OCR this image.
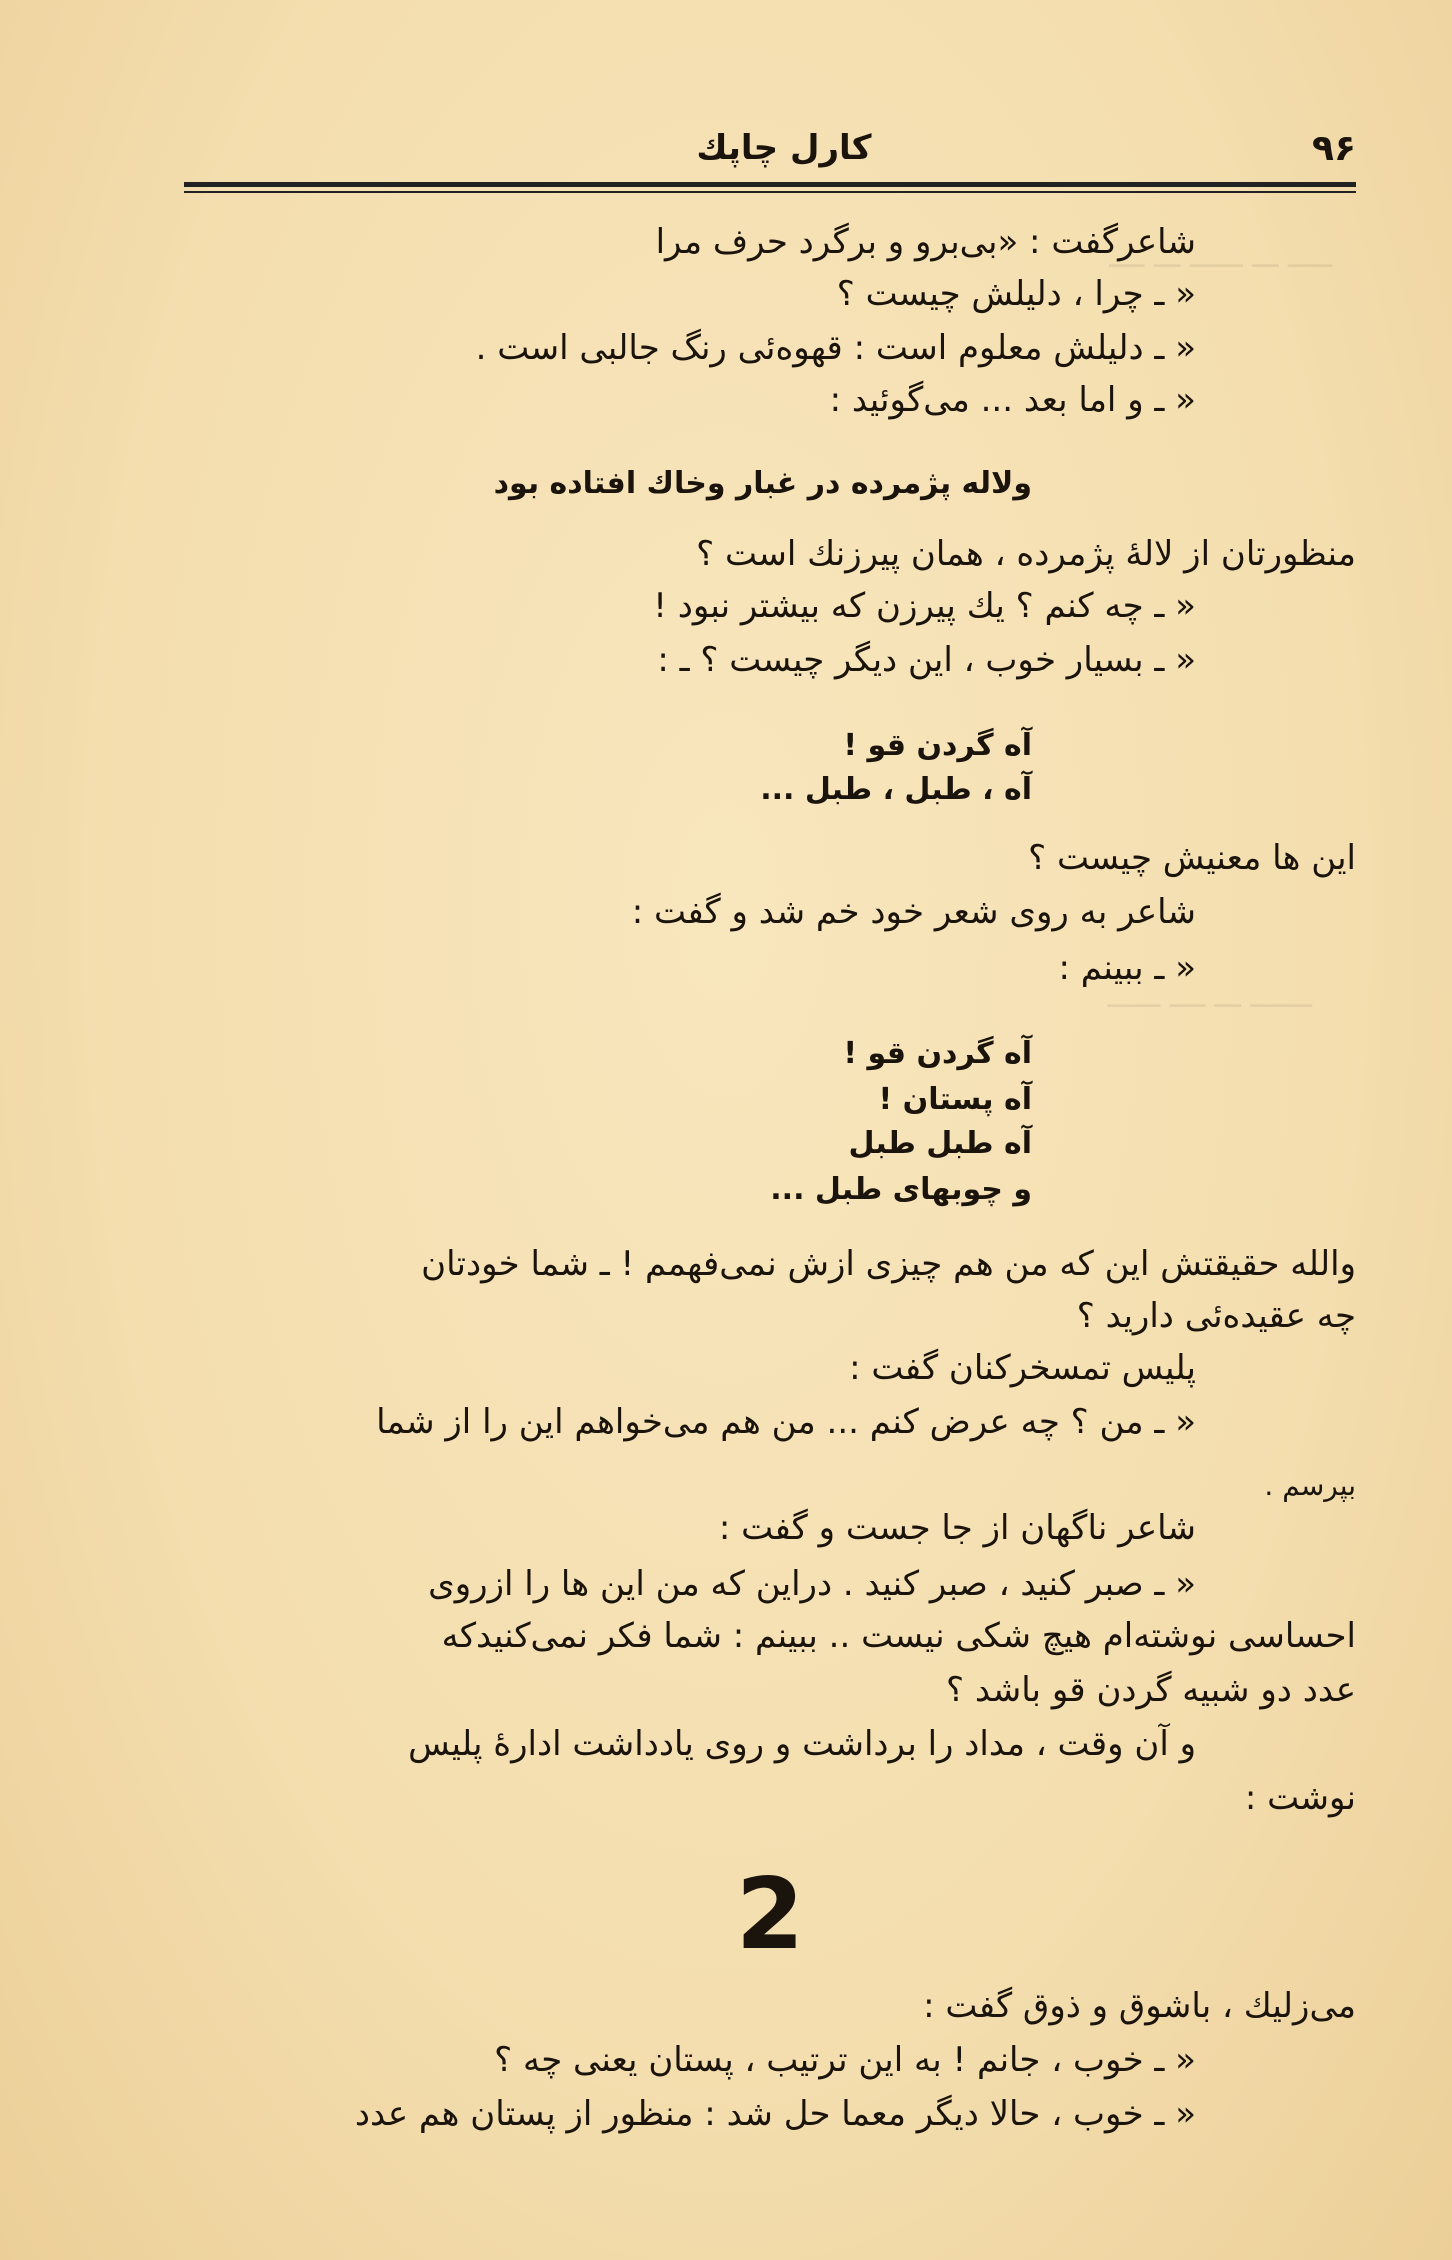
ـــــ ـــ ــــــ ـــ ــــ
ـــــــ ـــ ــــ ــــــ
۹۶
کارل چاپك
شاعرگفت : «بی‌برو و برگرد حرف مرا
« ـ چرا ، دلیلش چیست ؟
« ـ دلیلش معلوم است : قهوه‌ئی رنگ جالبی است .
« ـ و اما بعد ... می‌گوئید :
ولاله پژمرده در غبار وخاك افتاده بود
منظورتان از لالهٔ پژمرده ، همان پیرزنك است ؟
« ـ چه کنم ؟ یك پیرزن که بیشتر نبود !
« ـ بسیار خوب ، این دیگر چیست ؟ ـ :
آه گردن قو !
آه ، طبل ، طبل ...
این ها معنیش چیست ؟
شاعر به روی شعر خود خم شد و گفت :
« ـ ببینم :
آه گردن قو !
آه پستان !
آه طبل طبل
و چوبهای طبل ...
والله حقیقتش این که من هم چیزی ازش نمی‌فهمم ! ـ شما خودتان
چه عقیده‌ئی دارید ؟
پلیس تمسخرکنان گفت :
« ـ من ؟ چه عرض کنم ... من هم می‌خواهم این را از شما
بپرسم .
شاعر ناگهان از جا جست و گفت :
« ـ صبر کنید ، صبر کنید . دراین که من این ها را ازروی
احساسی نوشته‌ام هیچ شکی نیست .. ببینم : شما فکر نمی‌کنیدکه
عدد دو شبیه گردن قو باشد ؟
و آن وقت ، مداد را برداشت و روی یادداشت ادارهٔ پلیس
نوشت :
2
می‌زلیك ، باشوق و ذوق گفت :
« ـ خوب ، جانم ! به این ترتیب ، پستان یعنی چه ؟
« ـ خوب ، حالا دیگر معما حل شد : منظور از پستان هم عدد
